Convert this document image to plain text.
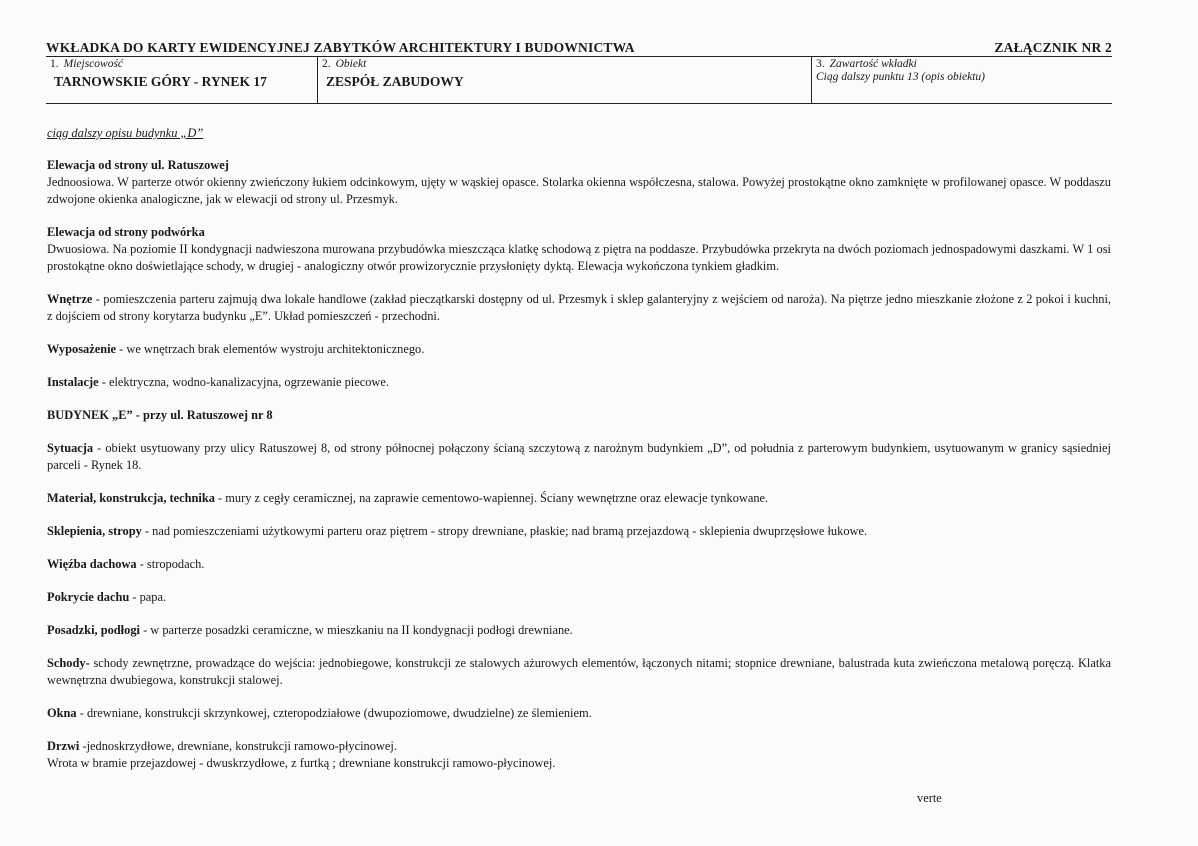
WKŁADKA DO KARTY EWIDENCYJNEJ ZABYTKÓW ARCHITEKTURY I BUDOWNICTWA	ZAŁĄCZNIK NR 2
1. Miejscowość
TARNOWSKIE GÓRY - RYNEK 17
2. Obiekt
ZESPÓŁ ZABUDOWY
3. Zawartość wkładki
Ciąg dalszy punktu 13 (opis obiektu)
ciąg dalszy opisu budynku „D”

Elewacja od strony ul. Ratuszowej
Jednoosiowa. W parterze otwór okienny zwieńczony łukiem odcinkowym, ujęty w wąskiej opasce. Stolarka okienna współczesna, stalowa. Powyżej prostokątne okno zamknięte w profilowanej opasce. W poddaszu zdwojone okienka analogiczne, jak w elewacji od strony ul. Przesmyk.

Elewacja od strony podwórka
Dwuosiowa. Na poziomie II kondygnacji nadwieszona murowana przybudówka mieszcząca klatkę schodową z piętra na poddasze. Przybudówka przekryta na dwóch poziomach jednospadowymi daszkami. W 1 osi prostokątne okno doświetlające schody, w drugiej - analogiczny otwór prowizorycznie przysłonięty dyktą. Elewacja wykończona tynkiem gładkim.

Wnętrze - pomieszczenia parteru zajmują dwa lokale handlowe (zakład pieczątkarski dostępny od ul. Przesmyk i sklep galanteryjny z wejściem od naroża). Na piętrze jedno mieszkanie złożone z 2 pokoi i kuchni, z dojściem od strony korytarza budynku „E”. Układ pomieszczeń - przechodni.

Wyposażenie - we wnętrzach brak elementów wystroju architektonicznego.

Instalacje - elektryczna, wodno-kanalizacyjna, ogrzewanie piecowe.

BUDYNEK „E” - przy ul. Ratuszowej nr 8

Sytuacja - obiekt usytuowany przy ulicy Ratuszowej 8, od strony północnej połączony ścianą szczytową z narożnym budynkiem „D”, od południa z parterowym budynkiem, usytuowanym w granicy sąsiedniej parceli - Rynek 18.

Materiał, konstrukcja, technika - mury z cegły ceramicznej, na zaprawie cementowo-wapiennej. Ściany wewnętrzne oraz elewacje tynkowane.

Sklepienia, stropy - nad pomieszczeniami użytkowymi parteru oraz piętrem - stropy drewniane, płaskie; nad bramą przejazdową - sklepienia dwuprzęsłowe łukowe.

Więźba dachowa - stropodach.

Pokrycie dachu - papa.

Posadzki, podłogi - w parterze posadzki ceramiczne, w mieszkaniu na II kondygnacji podłogi drewniane.

Schody- schody zewnętrzne, prowadzące do wejścia: jednobiegowe, konstrukcji ze stalowych ażurowych elementów, łączonych nitami; stopnice drewniane, balustrada kuta zwieńczona metalową poręczą. Klatka wewnętrzna dwubiegowa, konstrukcji stalowej.

Okna - drewniane, konstrukcji skrzynkowej, czteropodziałowe (dwupoziomowe, dwudzielne) ze ślemieniem.

Drzwi -jednoskrzydłowe, drewniane, konstrukcji ramowo-płycinowej.
Wrota w bramie przejazdowej - dwuskrzydłowe, z furtką ; drewniane konstrukcji ramowo-płycinowej.

verte
